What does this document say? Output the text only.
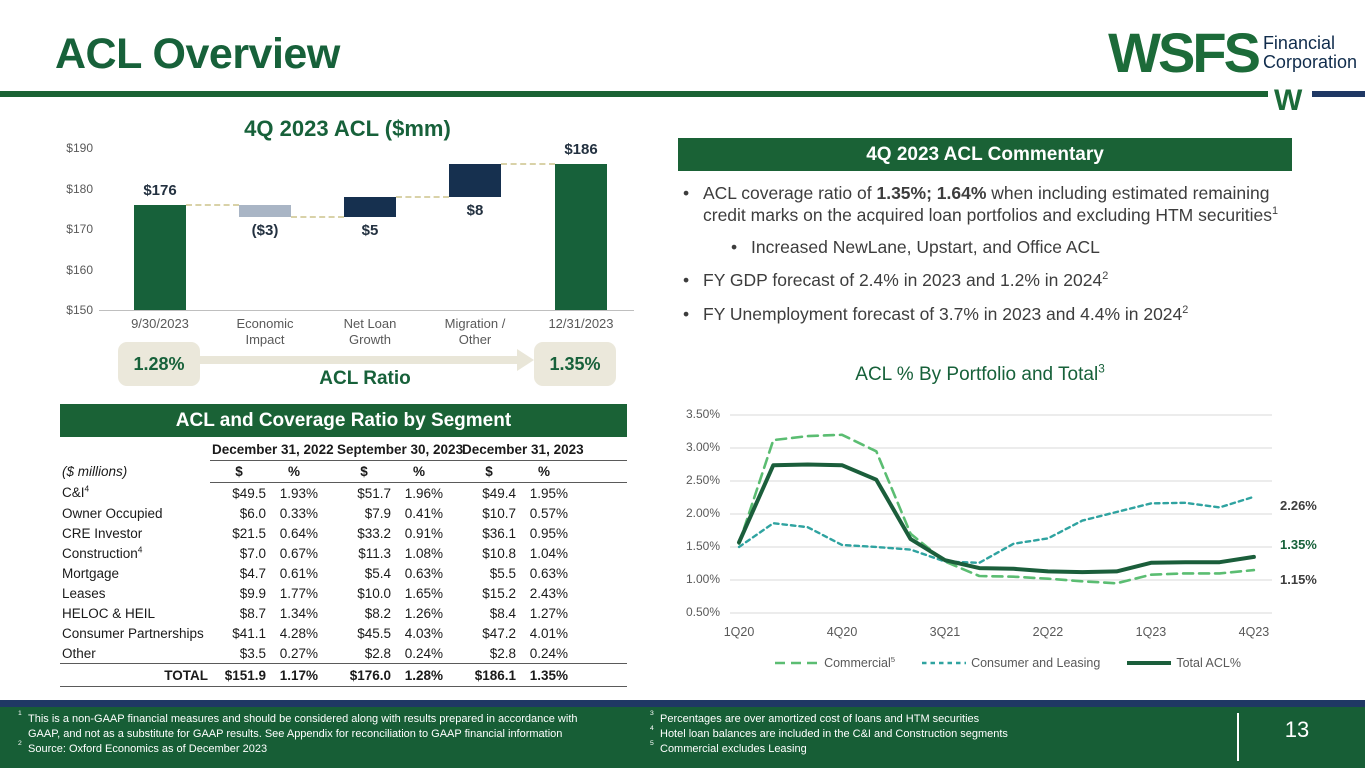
ACL Overview	WSFS Financial
Corporation
W
4Q 2023 ACL ($mm)
$190
$180
$170
$160
$150
$176
9/30/2023
($3)
Economic
Impact
$5
Net Loan
Growth
$8
Migration /
Other
$186
12/31/2023
1.28%
ACL Ratio
1.35%
ACL and Coverage Ratio by Segment
	December 31, 2022			September 30, 2023			December 31, 2023		
($ millions)	$	%		$	%		$	%	
$C\&I^4$	$49.5	1.93%		$51.7	1.96%		$49.4	1.95%	
Owner Occupied	$6.0	0.33%		$7.9	0.41%		$10.7	0.57%	
CRE Investor	$21.5	0.64%		$33.2	0.91%		$36.1	0.95%	
Construction$^4$	$7.0	0.67%		$11.3	1.08%		$10.8	1.04%	
Mortgage	$4.7	0.61%		$5.4	0.63%		$5.5	0.63%	
Leases	$9.9	1.77%		$10.0	1.65%		$15.2	2.43%	
HELOC & HEIL	$8.7	1.34%		$8.2	1.26%		$8.4	1.27%	
Consumer Partnerships	$41.1	4.28%		$45.5	4.03%		$47.2	4.01%	
Other	$3.5	0.27%		$2.8	0.24%		$2.8	0.24%	
TOTAL	$151.9	1.17%		$176.0	1.28%		$186.1	1.35%	
4Q 2023 ACL Commentary
• ACL coverage ratio of 1.35%; 1.64% when including estimated remaining credit marks on the acquired loan portfolios and excluding HTM securities$^1$
• Increased NewLane, Upstart, and Office ACL
• FY GDP forecast of 2.4% in 2023 and 1.2% in 2024$^2$
• FY Unemployment forecast of 3.7% in 2023 and 4.4% in 2024$^2$
ACL % By Portfolio and Total$^3$
3.50%
3.00%
2.50%
2.00%
1.50%
1.00%
0.50%
1Q20	4Q20	3Q21	2Q22	1Q23	4Q23
2.26%
1.35%
1.15%
Commercial$^5$	Consumer and Leasing	Total ACL%
1 This is a non-GAAP financial measures and should be considered along with results prepared in accordance with GAAP, and not as a substitute for GAAP results. See Appendix for reconciliation to GAAP financial information
2 Source: Oxford Economics as of December 2023
3 Percentages are over amortized cost of loans and HTM securities
4 Hotel loan balances are included in the C&I and Construction segments
5 Commercial excludes Leasing
13
